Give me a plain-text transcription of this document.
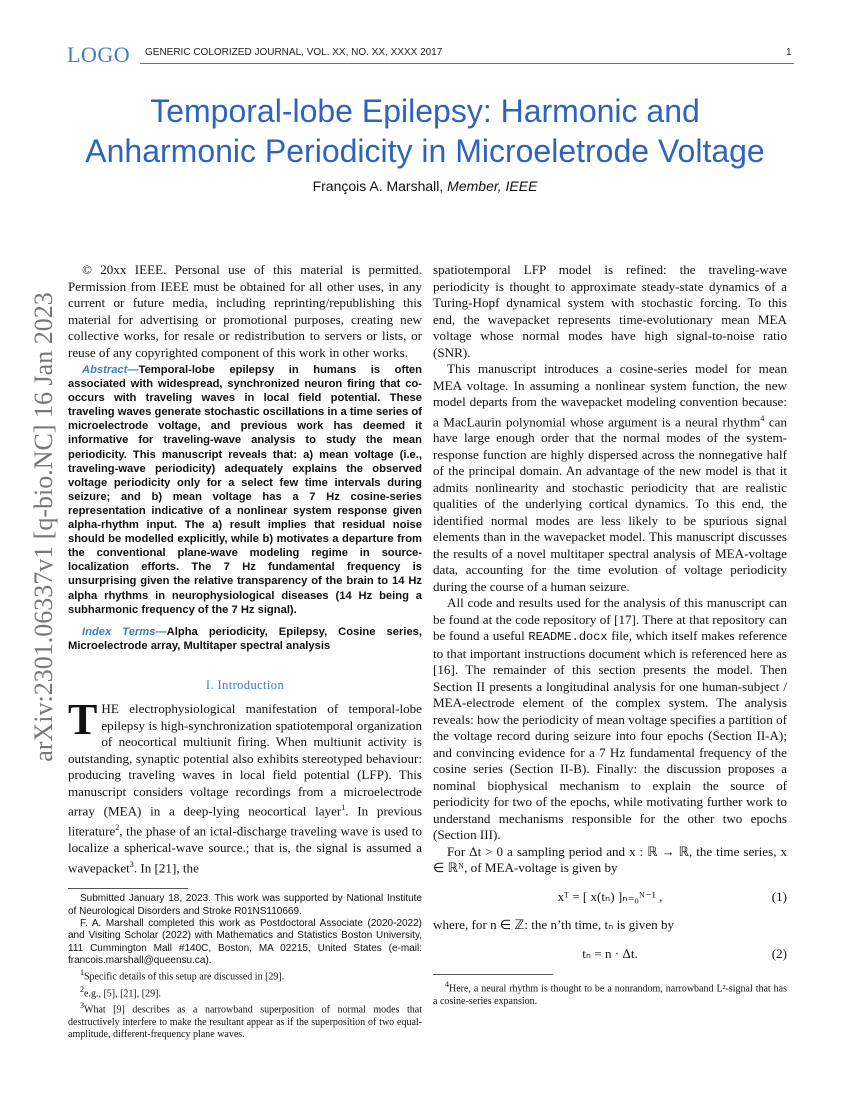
LOGO GENERIC COLORIZED JOURNAL, VOL. XX, NO. XX, XXXX 2017	1
arXiv:2301.06337v1 [q-bio.NC] 16 Jan 2023
Temporal-lobe Epilepsy: Harmonic and
Anharmonic Periodicity in Microeletrode Voltage
François A. Marshall, Member, IEEE

© 20xx IEEE. Personal use of this material is permitted. Permission from IEEE must be obtained for all other uses, in any current or future media, including reprinting/republishing this material for advertising or promotional purposes, creating new collective works, for resale or redistribution to servers or lists, or reuse of any copyrighted component of this work in other works.

Abstract—Temporal-lobe epilepsy in humans is often associated with widespread, synchronized neuron firing that co-occurs with traveling waves in local field potential. These traveling waves generate stochastic oscillations in a time series of microelectrode voltage, and previous work has deemed it informative for traveling-wave analysis to study the mean periodicity. This manuscript reveals that: a) mean voltage (i.e., traveling-wave periodicity) adequately explains the observed voltage periodicity only for a select few time intervals during seizure; and b) mean voltage has a 7 Hz cosine-series representation indicative of a nonlinear system response given alpha-rhythm input. The a) result implies that residual noise should be modelled explicitly, while b) motivates a departure from the conventional plane-wave modeling regime in source-localization efforts. The 7 Hz fundamental frequency is unsurprising given the relative transparency of the brain to 14 Hz alpha rhythms in neurophysiological diseases (14 Hz being a subharmonic frequency of the 7 Hz signal).

Index Terms—Alpha periodicity, Epilepsy, Cosine series, Microelectrode array, Multitaper spectral analysis

I. Introduction

THE electrophysiological manifestation of temporal-lobe epilepsy is high-synchronization spatiotemporal organization of neocortical multiunit firing. When multiunit activity is outstanding, synaptic potential also exhibits stereotyped behaviour: producing traveling waves in local field potential (LFP). This manuscript considers voltage recordings from a microelectrode array (MEA) in a deep-lying neocortical layer$^1$. In previous literature$^2$, the phase of an ictal-discharge traveling wave is used to localize a spherical-wave source.; that is, the signal is assumed a wavepacket$^3$. In [21], the

Submitted January 18, 2023. This work was supported by National Institute of Neurological Disorders and Stroke R01NS110669.

F. A. Marshall completed this work as Postdoctoral Associate (2020-2022) and Visiting Scholar (2022) with Mathematics and Statistics Boston University, 111 Cummington Mall #140C, Boston, MA 02215, United States (e-mail: francois.marshall@queensu.ca).

$^1$Specific details of this setup are discussed in [29].

$^2$e.g., [5], [21], [29].

$^3$What [9] describes as a narrowband superposition of normal modes that destructively interfere to make the resultant appear as if the superposition of two equal-amplitude, different-frequency plane waves.

spatiotemporal LFP model is refined: the traveling-wave periodicity is thought to approximate steady-state dynamics of a Turing-Hopf dynamical system with stochastic forcing. To this end, the wavepacket represents time-evolutionary mean MEA voltage whose normal modes have high signal-to-noise ratio (SNR).

This manuscript introduces a cosine-series model for mean MEA voltage. In assuming a nonlinear system function, the new model departs from the wavepacket modeling convention because: a MacLaurin polynomial whose argument is a neural rhythm$^4$ can have large enough order that the normal modes of the system-response function are highly dispersed across the nonnegative half of the principal domain. An advantage of the new model is that it admits nonlinearity and stochastic periodicity that are realistic qualities of the underlying cortical dynamics. To this end, the identified normal modes are less likely to be spurious signal elements than in the wavepacket model. This manuscript discusses the results of a novel multitaper spectral analysis of MEA-voltage data, accounting for the time evolution of voltage periodicity during the course of a human seizure.

All code and results used for the analysis of this manuscript can be found at the code repository of [17]. There at that repository can be found a useful README.docx file, which itself makes reference to that important instructions document which is referenced here as [16]. The remainder of this section presents the model. Then Section II presents a longitudinal analysis for one human-subject / MEA-electrode element of the complex system. The analysis reveals: how the periodicity of mean voltage specifies a partition of the voltage record during seizure into four epochs (Section II-A); and convincing evidence for a 7 Hz fundamental frequency of the cosine series (Section II-B). Finally: the discussion proposes a nominal biophysical mechanism to explain the source of periodicity for two of the epochs, while motivating further work to understand mechanisms responsible for the other two epochs (Section III).

For Δt > 0 a sampling period and x : ℝ → ℝ, the time series, x ∈ ℝᴺ, of MEA-voltage is given by

xᵀ = [ x(tₙ) ]ₙ₌₀ᴺ⁻¹ ,	(1)

where, for n ∈ ℤ: the n’th time, tₙ is given by

tₙ = n · Δt.	(2)

$^4$Here, a neural rhythm is thought to be a nonrandom, narrowband L²-signal that has a cosine-series expansion.
